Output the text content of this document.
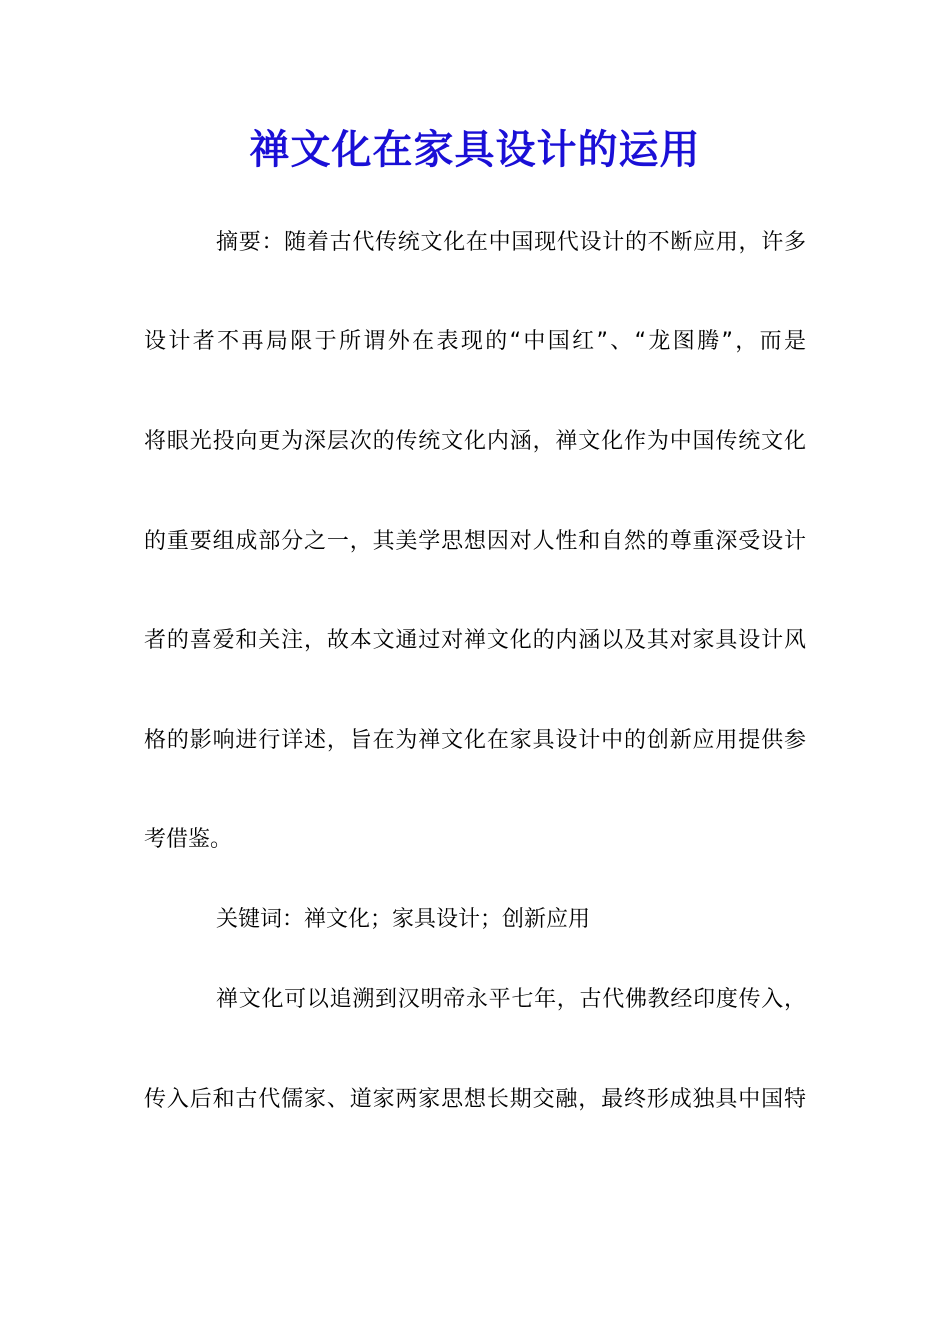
禅文化在家具设计的运用
摘要：随着古代传统文化在中国现代设计的不断应用，许多
设计者不再局限于所谓外在表现的“中国红”、“龙图腾”，而是
将眼光投向更为深层次的传统文化内涵，禅文化作为中国传统文化
的重要组成部分之一，其美学思想因对人性和自然的尊重深受设计
者的喜爱和关注，故本文通过对禅文化的内涵以及其对家具设计风
格的影响进行详述，旨在为禅文化在家具设计中的创新应用提供参
考借鉴。
关键词：禅文化；家具设计；创新应用
禅文化可以追溯到汉明帝永平七年，古代佛教经印度传入，
传入后和古代儒家、道家两家思想长期交融，最终形成独具中国特
